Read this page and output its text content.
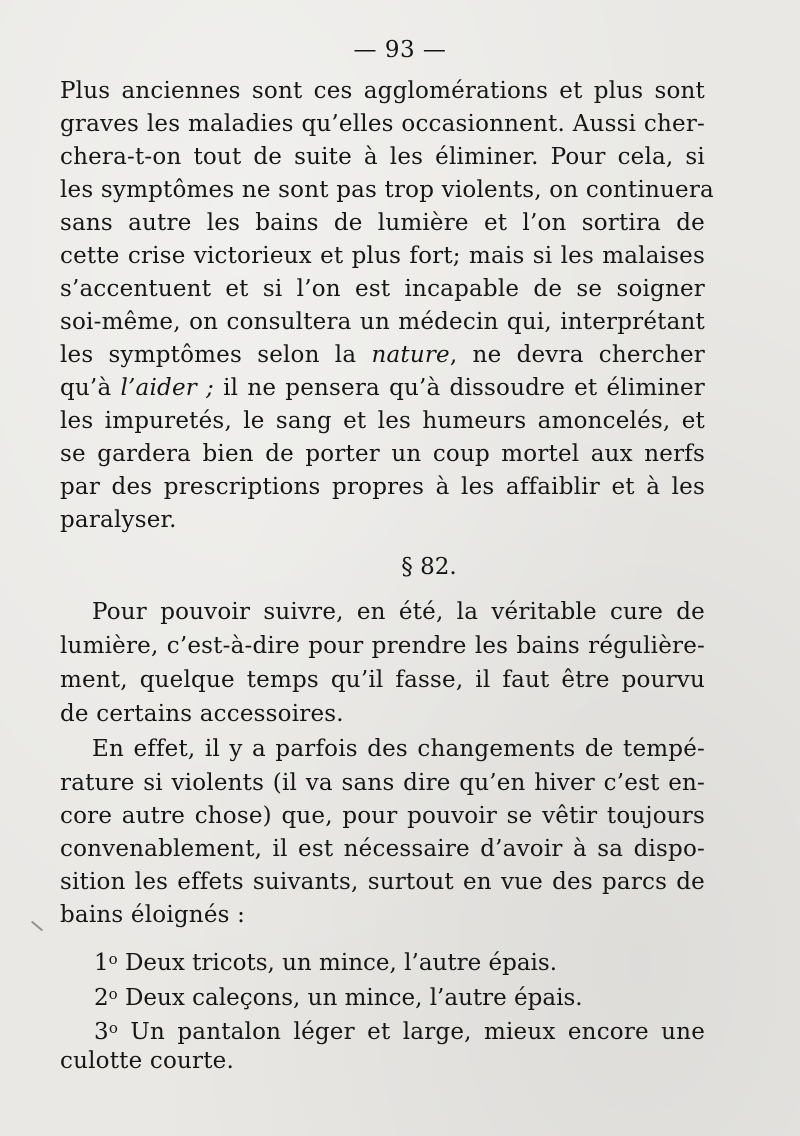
— 93 —
Plus anciennes sont ces agglomérations et plus sont
graves les maladies qu’elles occasionnent. Aussi cher-
chera-t-on tout de suite à les éliminer. Pour cela, si
les symptômes ne sont pas trop violents, on continuera
sans autre les bains de lumière et l’on sortira de
cette crise victorieux et plus fort; mais si les malaises
s’accentuent et si l’on est incapable de se soigner
soi-même, on consultera un médecin qui, interprétant
les symptômes selon la nature, ne devra chercher
qu’à l’aider ; il ne pensera qu’à dissoudre et éliminer
les impuretés, le sang et les humeurs amoncelés, et
se gardera bien de porter un coup mortel aux nerfs
par des prescriptions propres à les affaiblir et à les
paralyser.
§ 82.
Pour pouvoir suivre, en été, la véritable cure de
lumière, c’est-à-dire pour prendre les bains régulière-
ment, quelque temps qu’il fasse, il faut être pourvu
de certains accessoires.
En effet, il y a parfois des changements de tempé-
rature si violents (il va sans dire qu’en hiver c’est en-
core autre chose) que, pour pouvoir se vêtir toujours
convenablement, il est nécessaire d’avoir à sa dispo-
sition les effets suivants, surtout en vue des parcs de
bains éloignés :
1$^o$ Deux tricots, un mince, l’autre épais.
2$^o$ Deux caleçons, un mince, l’autre épais.
3$^o$ Un pantalon léger et large, mieux encore une
culotte courte.
